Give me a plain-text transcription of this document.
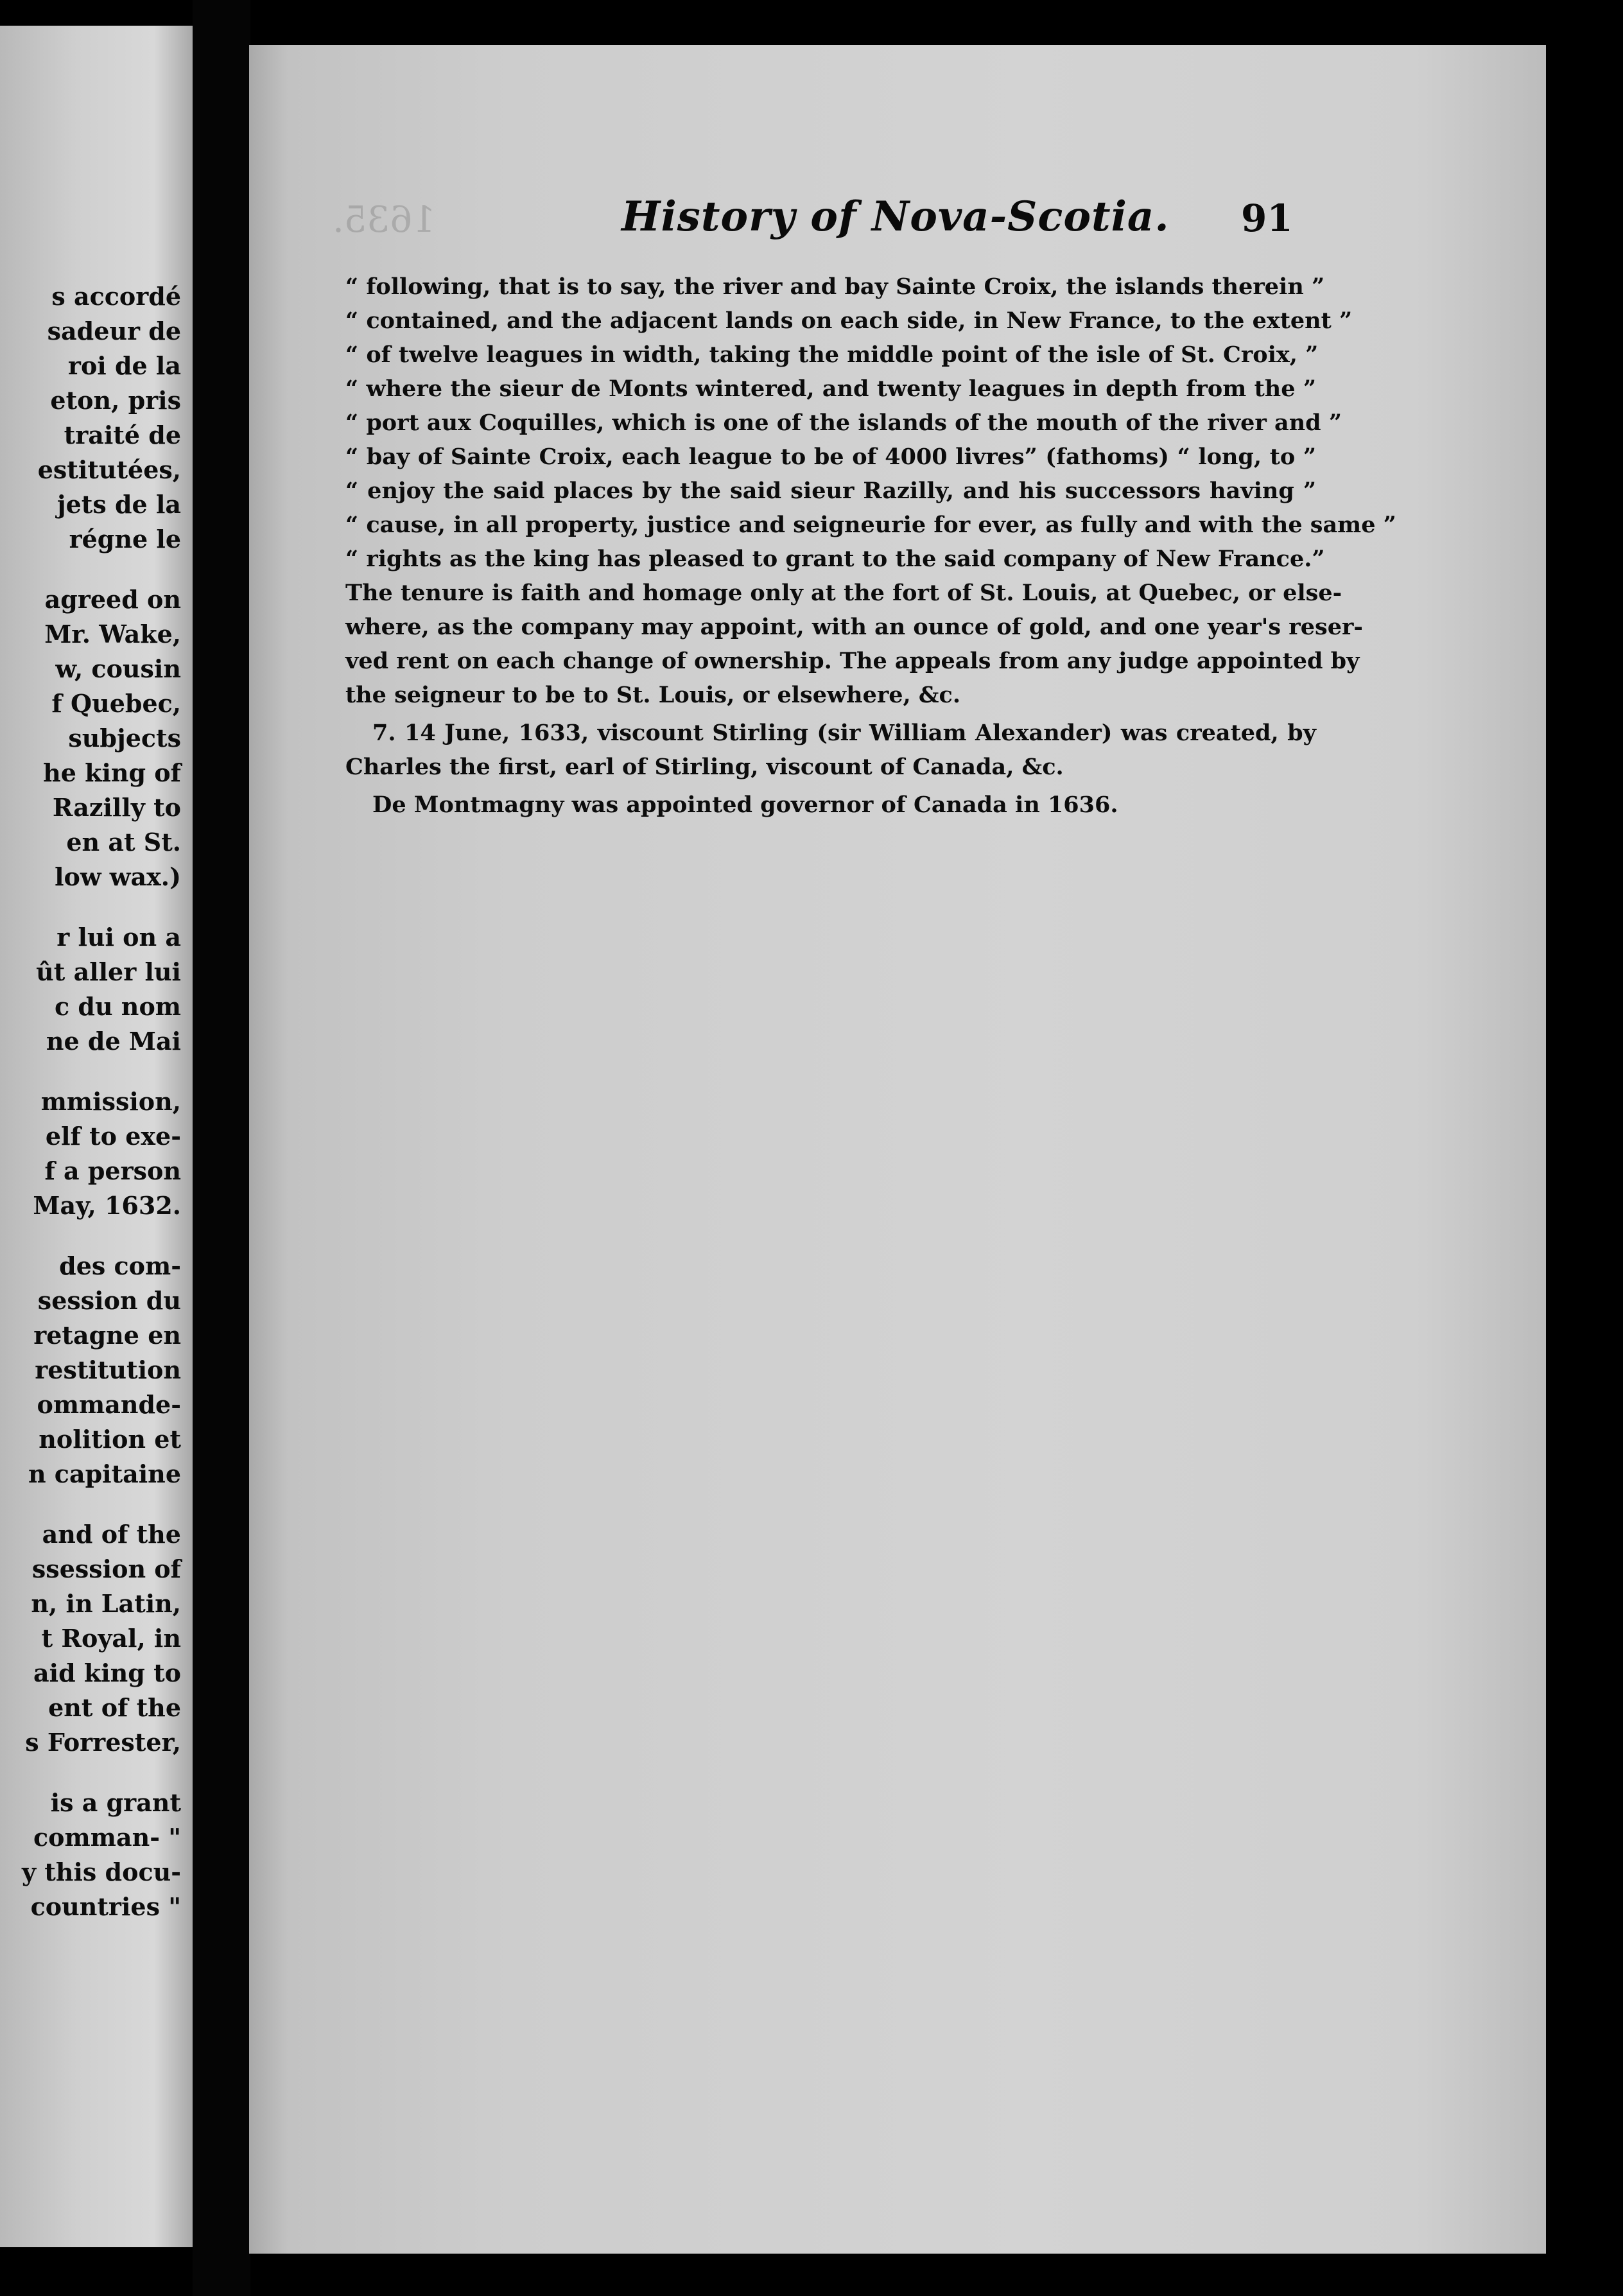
s accordé
sadeur de
roi de la
eton, pris
traité de
estitutées,
jets de la
régne le
agreed on
Mr. Wake,
w, cousin
f Quebec,
subjects
he king of
Razilly to
en at St.
low wax.)
r lui on a
ût aller lui
c du nom
ne de Mai
mmission,
elf to exe-
f a person
May, 1632.
des com-
session du
retagne en
restitution
ommande-
nolition et
n capitaine
and of the
ssession of
n, in Latin,
t Royal, in
aid king to
ent of the
s Forrester,
is a grant
comman- "
y this docu-
countries "
1635.	History of Nova-Scotia. 91
“ following, that is to say, the river and bay Sainte Croix, the islands therein ”
“ contained, and the adjacent lands on each side, in New France, to the extent ”
“ of twelve leagues in width, taking the middle point of the isle of St. Croix, ”
“ where the sieur de Monts wintered, and twenty leagues in depth from the ”
“ port aux Coquilles, which is one of the islands of the mouth of the river and ”
“ bay of Sainte Croix, each league to be of 4000 livres” (fathoms) “ long, to ”
“ enjoy the said places by the said sieur Razilly, and his successors having ”
“ cause, in all property, justice and seigneurie for ever, as fully and with the same ”
“ rights as the king has pleased to grant to the said company of New France.”
The tenure is faith and homage only at the fort of St. Louis, at Quebec, or else-
where, as the company may appoint, with an ounce of gold, and one year's reser-
ved rent on each change of ownership. The appeals from any judge appointed by
the seigneur to be to St. Louis, or elsewhere, &c.
7. 14 June, 1633, viscount Stirling (sir William Alexander) was created, by
Charles the first, earl of Stirling, viscount of Canada, &c.
De Montmagny was appointed governor of Canada in 1636.
